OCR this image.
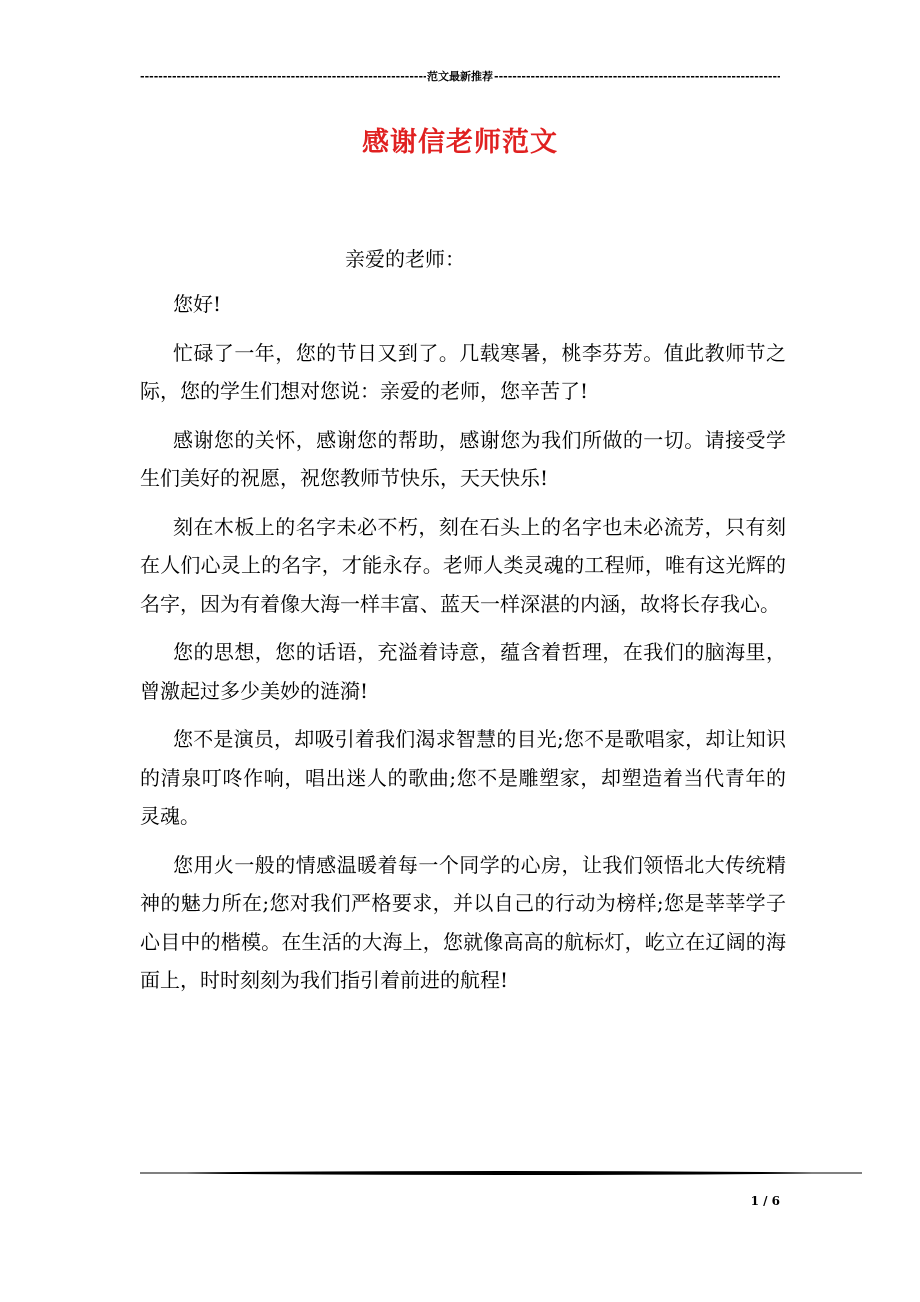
-----
范文最新推荐
-----
感谢信老师范文
亲爱的老师：

您好!

忙碌了一年，您的节日又到了。几载寒暑，桃李芬芳。值此教师节之际，您的学生们想对您说：亲爱的老师，您辛苦了!

感谢您的关怀，感谢您的帮助，感谢您为我们所做的一切。请接受学生们美好的祝愿，祝您教师节快乐，天天快乐!

刻在木板上的名字未必不朽，刻在石头上的名字也未必流芳，只有刻在人们心灵上的名字，才能永存。老师人类灵魂的工程师，唯有这光辉的名字，因为有着像大海一样丰富、蓝天一样深湛的内涵，故将长存我心。

您的思想，您的话语，充溢着诗意，蕴含着哲理，在我们的脑海里，曾激起过多少美妙的涟漪!

您不是演员，却吸引着我们渴求智慧的目光;您不是歌唱家，却让知识的清泉叮咚作响，唱出迷人的歌曲;您不是雕塑家，却塑造着当代青年的灵魂。

您用火一般的情感温暖着每一个同学的心房，让我们领悟北大传统精神的魅力所在;您对我们严格要求，并以自己的行动为榜样;您是莘莘学子心目中的楷模。在生活的大海上，您就像高高的航标灯，屹立在辽阔的海面上，时时刻刻为我们指引着前进的航程!

1 / 6
